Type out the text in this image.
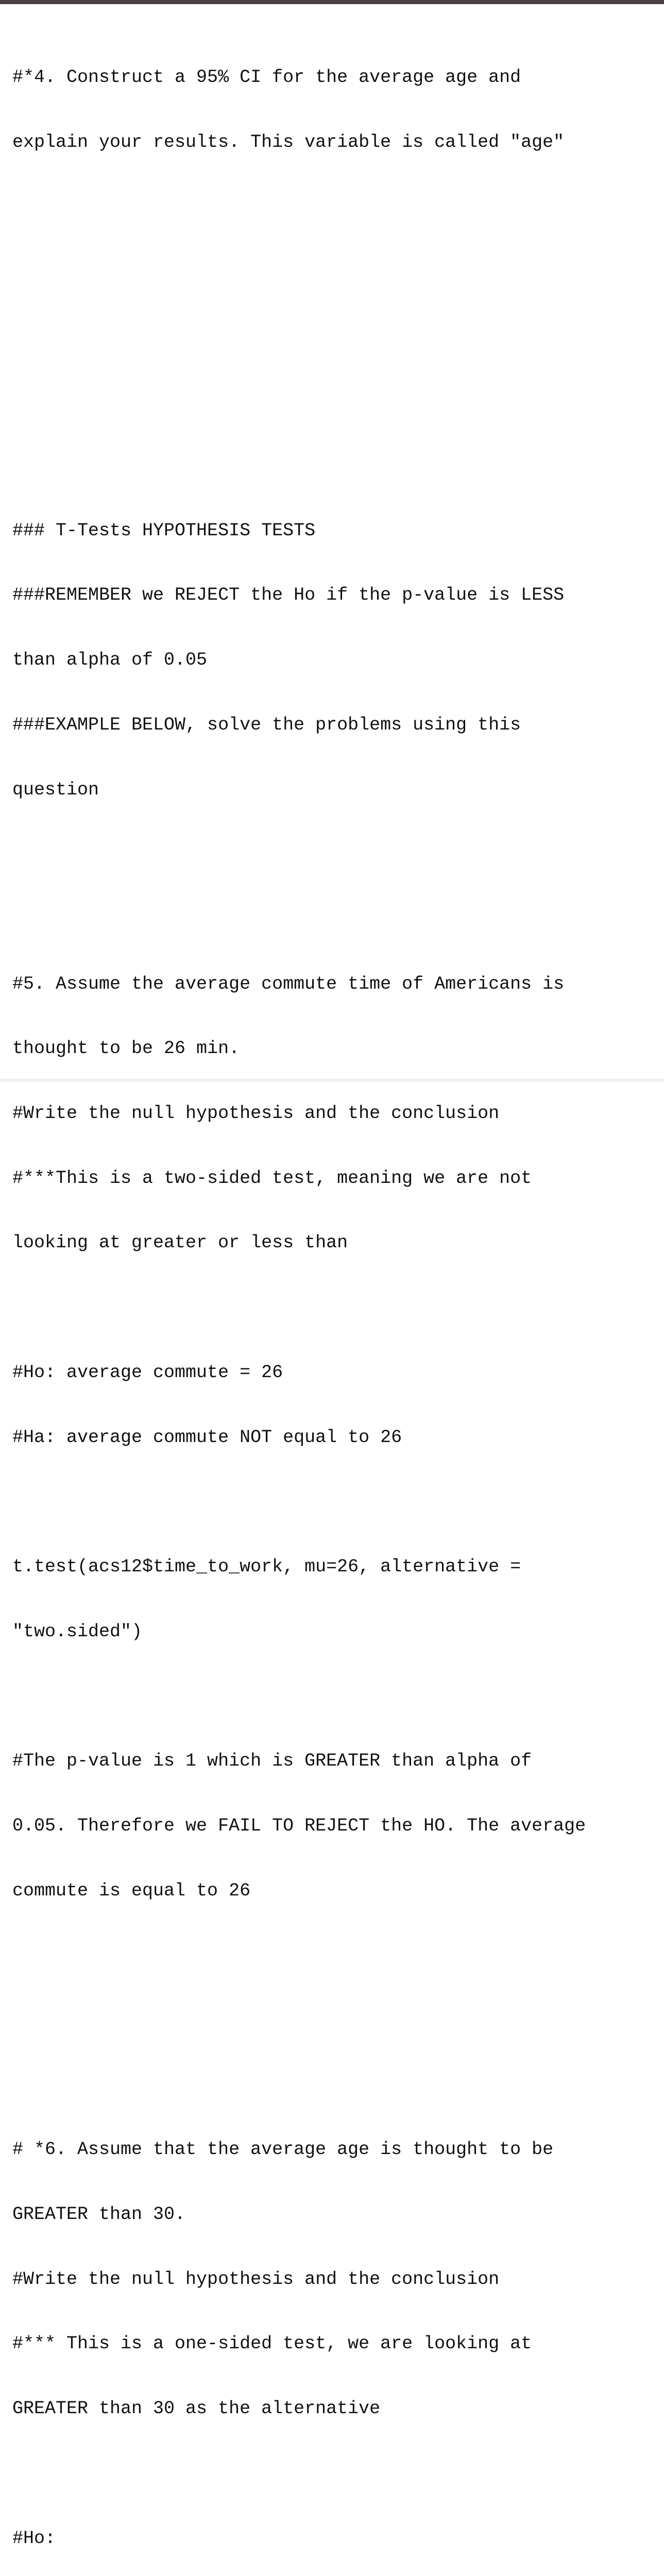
#*4. Construct a 95% CI for the average age and

explain your results. This variable is called "age"

### T-Tests HYPOTHESIS TESTS

###REMEMBER we REJECT the Ho if the p-value is LESS

than alpha of 0.05

###EXAMPLE BELOW, solve the problems using this

question

#5. Assume the average commute time of Americans is

thought to be 26 min.

#Write the null hypothesis and the conclusion

#***This is a two-sided test, meaning we are not

looking at greater or less than

#Ho: average commute = 26

#Ha: average commute NOT equal to 26

t.test(acs12$time_to_work, mu=26, alternative =

"two.sided")

#The p-value is 1 which is GREATER than alpha of

0.05. Therefore we FAIL TO REJECT the HO. The average

commute is equal to 26

# *6. Assume that the average age is thought to be

GREATER than 30.

#Write the null hypothesis and the conclusion

#*** This is a one-sided test, we are looking at

GREATER than 30 as the alternative

#Ho:
